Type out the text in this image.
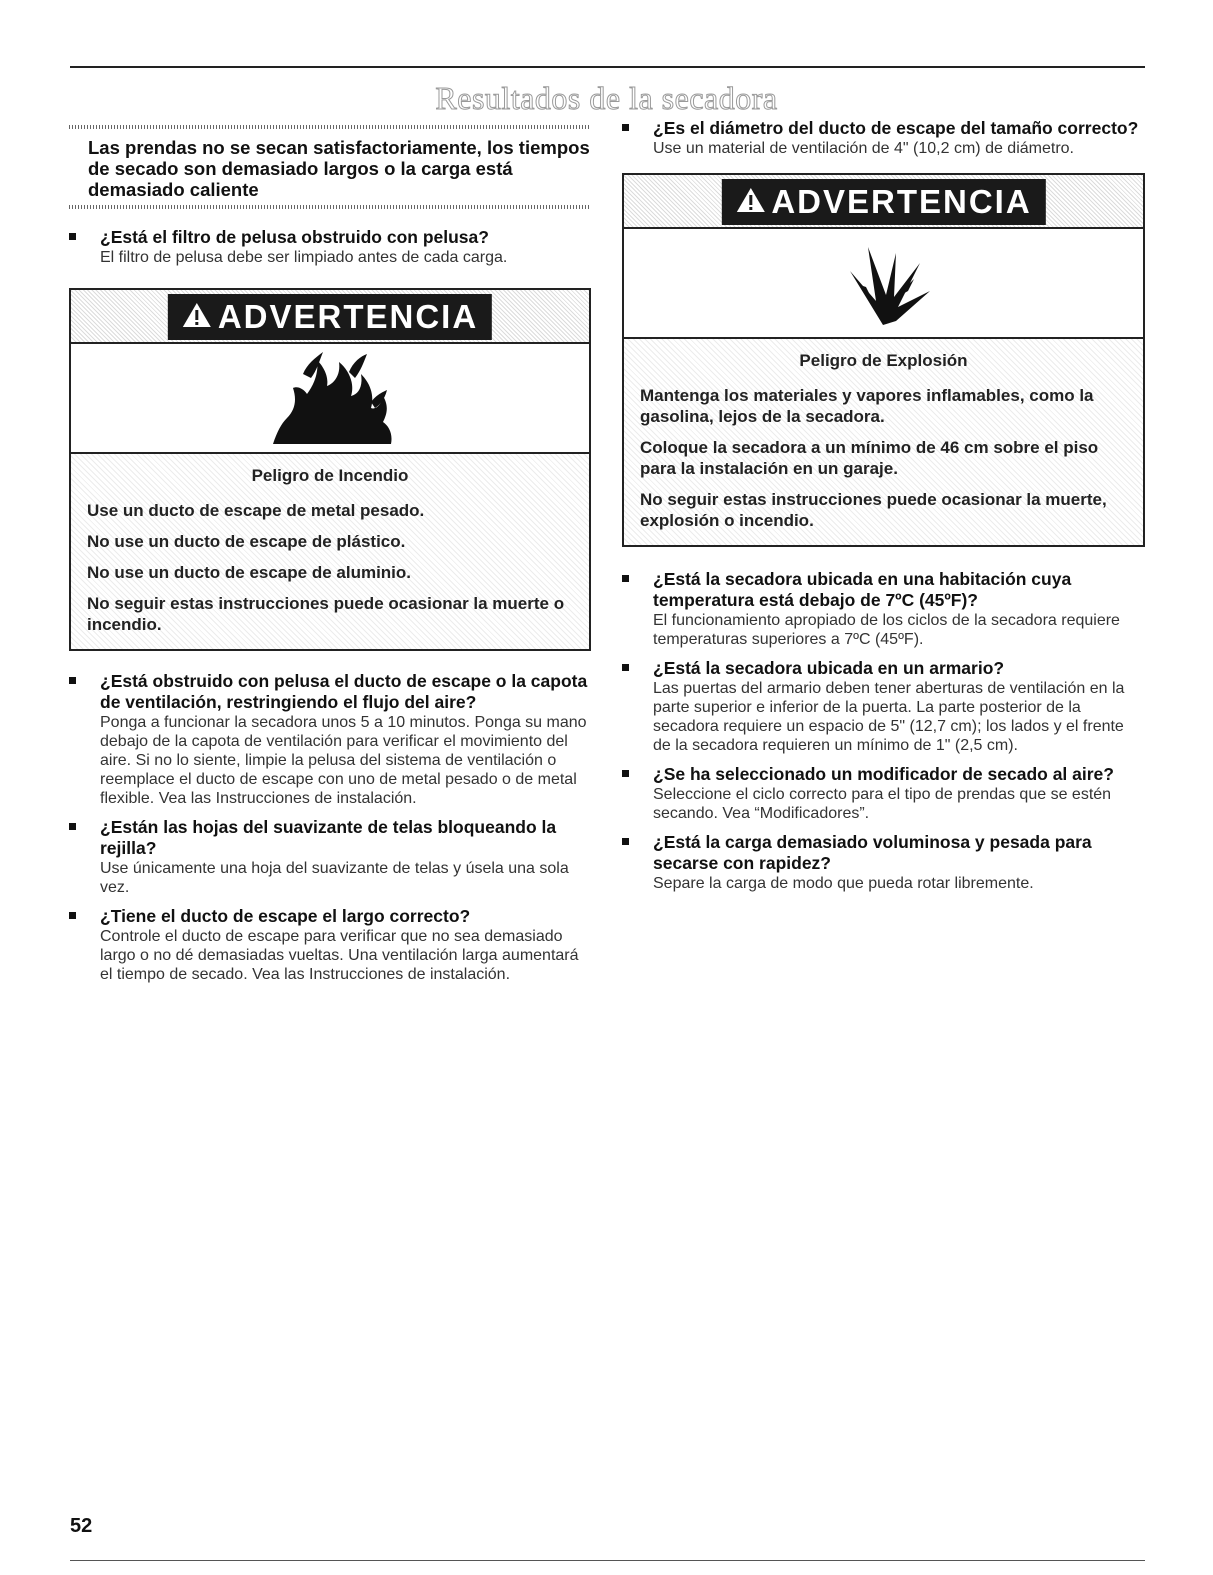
Resultados de la secadora
Las prendas no se secan satisfactoriamente, los tiempos de secado son demasiado largos o la carga está demasiado caliente
¿Está el filtro de pelusa obstruido con pelusa?
El filtro de pelusa debe ser limpiado antes de cada carga.
ADVERTENCIA
Peligro de Incendio
Use un ducto de escape de metal pesado.
No use un ducto de escape de plástico.
No use un ducto de escape de aluminio.
No seguir estas instrucciones puede ocasionar la muerte o incendio.
¿Está obstruido con pelusa el ducto de escape o la capota de ventilación, restringiendo el flujo del aire?
Ponga a funcionar la secadora unos 5 a 10 minutos. Ponga su mano debajo de la capota de ventilación para verificar el movimiento del aire. Si no lo siente, limpie la pelusa del sistema de ventilación o reemplace el ducto de escape con uno de metal pesado o de metal flexible. Vea las Instrucciones de instalación.
¿Están las hojas del suavizante de telas bloqueando la rejilla?
Use únicamente una hoja del suavizante de telas y úsela una sola vez.
¿Tiene el ducto de escape el largo correcto?
Controle el ducto de escape para verificar que no sea demasiado largo o no dé demasiadas vueltas. Una ventilación larga aumentará el tiempo de secado. Vea las Instrucciones de instalación.
¿Es el diámetro del ducto de escape del tamaño correcto?
Use un material de ventilación de 4" (10,2 cm) de diámetro.
ADVERTENCIA
Peligro de Explosión
Mantenga los materiales y vapores inflamables, como la gasolina, lejos de la secadora.
Coloque la secadora a un mínimo de 46 cm sobre el piso para la instalación en un garaje.
No seguir estas instrucciones puede ocasionar la muerte, explosión o incendio.
¿Está la secadora ubicada en una habitación cuya temperatura está debajo de 7ºC (45ºF)?
El funcionamiento apropiado de los ciclos de la secadora requiere temperaturas superiores a 7ºC (45ºF).
¿Está la secadora ubicada en un armario?
Las puertas del armario deben tener aberturas de ventilación en la parte superior e inferior de la puerta. La parte posterior de la secadora requiere un espacio de 5" (12,7 cm); los lados y el frente de la secadora requieren un mínimo de 1" (2,5 cm).
¿Se ha seleccionado un modificador de secado al aire?
Seleccione el ciclo correcto para el tipo de prendas que se estén secando. Vea “Modificadores”.
¿Está la carga demasiado voluminosa y pesada para secarse con rapidez?
Separe la carga de modo que pueda rotar libremente.
52
